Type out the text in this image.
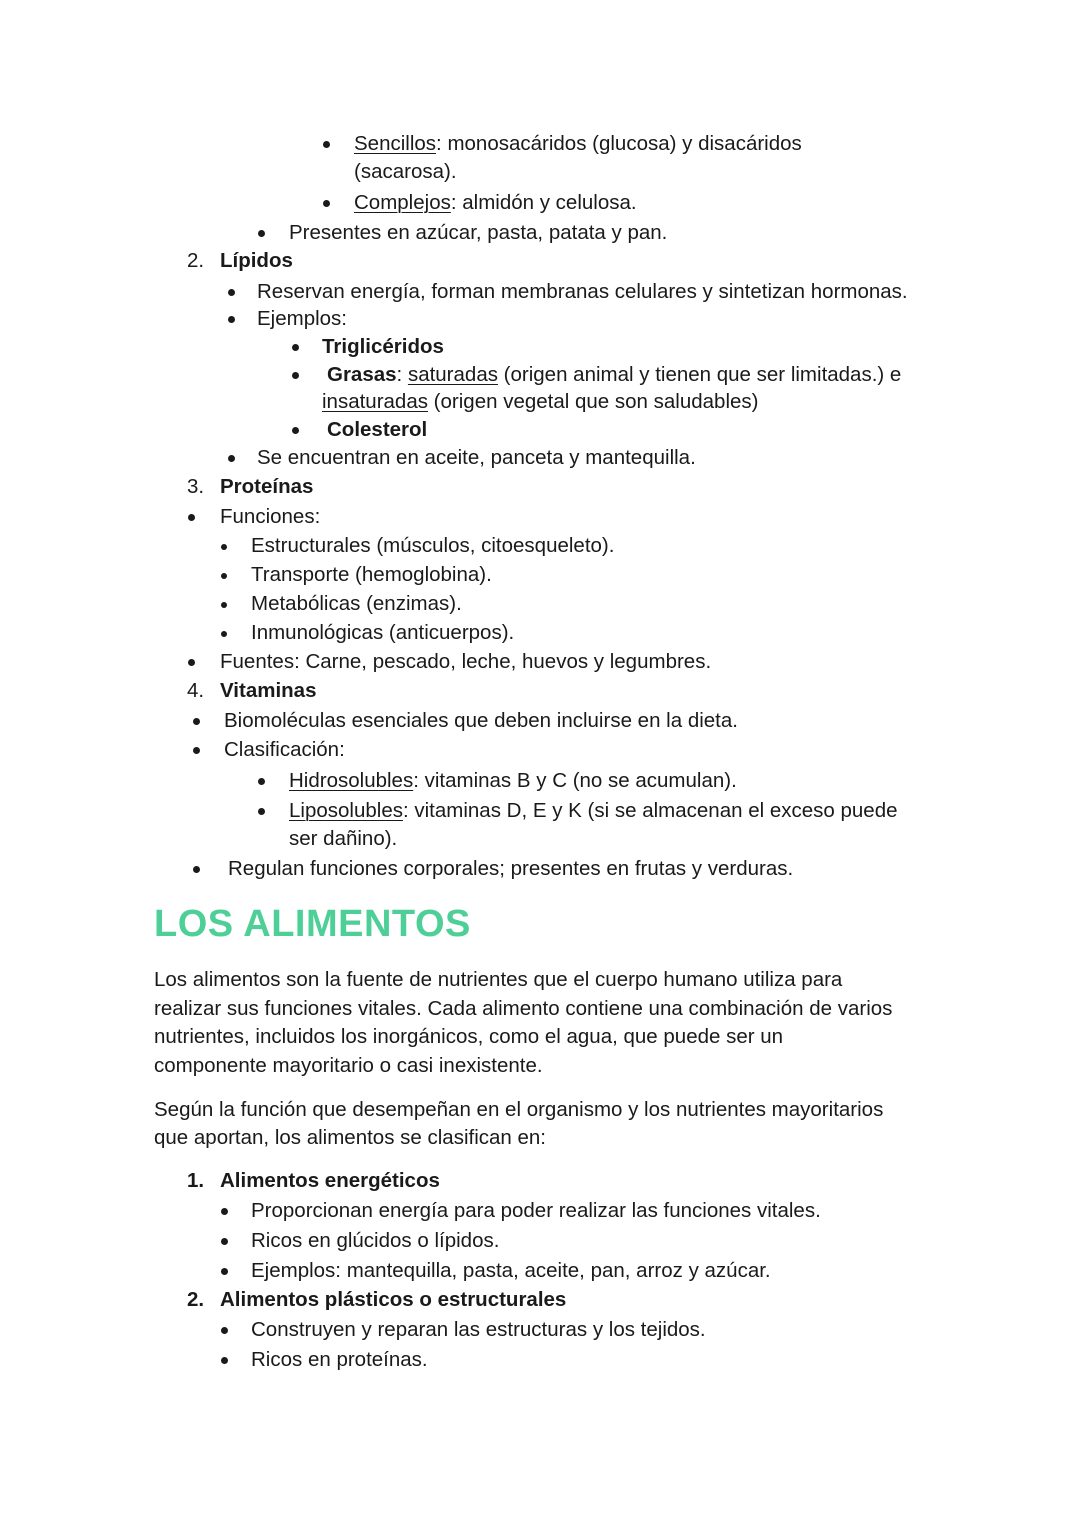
Sencillos: monosacáridos (glucosa) y disacáridos
(sacarosa).
Complejos: almidón y celulosa.
Presentes en azúcar, pasta, patata y pan.
2. Lípidos
Reservan energía, forman membranas celulares y sintetizan hormonas.
Ejemplos:
Triglicéridos
Grasas: saturadas (origen animal y tienen que ser limitadas.) e
insaturadas (origen vegetal que son saludables)
Colesterol
Se encuentran en aceite, panceta y mantequilla.
3. Proteínas
Funciones:
Estructurales (músculos, citoesqueleto).
Transporte (hemoglobina).
Metabólicas (enzimas).
Inmunológicas (anticuerpos).
Fuentes: Carne, pescado, leche, huevos y legumbres.
4. Vitaminas
Biomoléculas esenciales que deben incluirse en la dieta.
Clasificación:
Hidrosolubles: vitaminas B y C (no se acumulan).
Liposolubles: vitaminas D, E y K (si se almacenan el exceso puede
ser dañino).
Regulan funciones corporales; presentes en frutas y verduras.
LOS ALIMENTOS
Los alimentos son la fuente de nutrientes que el cuerpo humano utiliza para
realizar sus funciones vitales. Cada alimento contiene una combinación de varios
nutrientes, incluidos los inorgánicos, como el agua, que puede ser un
componente mayoritario o casi inexistente.
Según la función que desempeñan en el organismo y los nutrientes mayoritarios
que aportan, los alimentos se clasifican en:
1. Alimentos energéticos
Proporcionan energía para poder realizar las funciones vitales.
Ricos en glúcidos o lípidos.
Ejemplos: mantequilla, pasta, aceite, pan, arroz y azúcar.
2. Alimentos plásticos o estructurales
Construyen y reparan las estructuras y los tejidos.
Ricos en proteínas.
